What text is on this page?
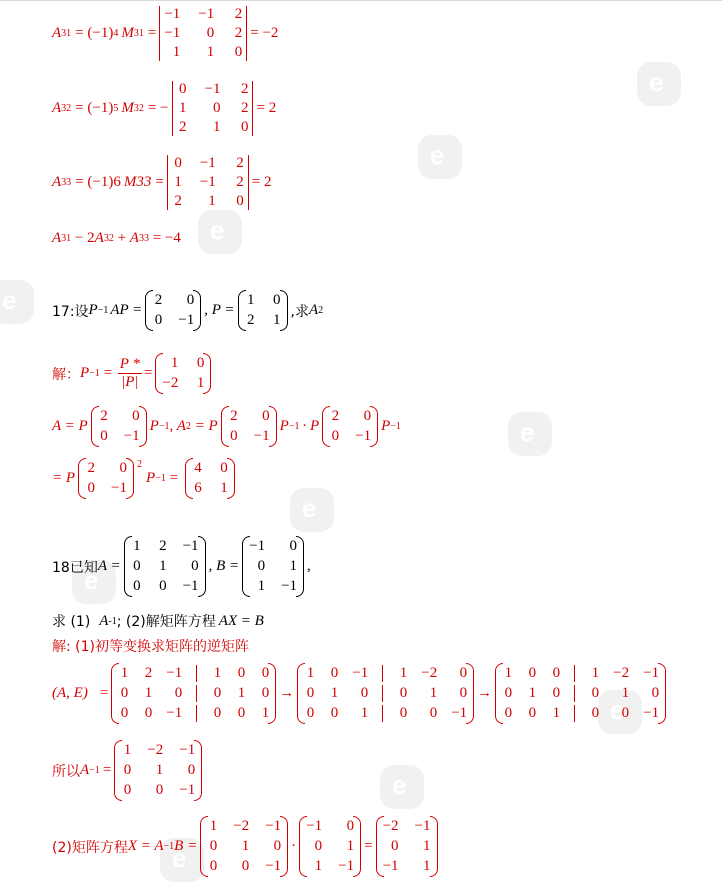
e
e
e
e
e
e
e
e
e
e
A 31 = (−1) 4 M 31 =
−1 −1 2
−1	0 2
1	1 0
= −2
A 32 = (−1) 5 M 32 = −
0 −1 2
1	0 2
2	1 0
= 2
A 33 = (−1)6 M33 =
0 −1 2
1 −1 2
2	1 0
= 2
A 31 − 2 A 32 + A 33 = −4
17:设 P −1 AP =
2	0
0 −1
, P =
1 0
2 1
,求 A 2
解： $P -1 = \frac{P *}{|P|}$ =
1 0
−2 1
A = P
2	0
0 −1
P −1 , A 2 = P
2	0
0 −1
P −1 · P
2	0
0 −1
P −1
= P
2	0
0 −1
2
P −1 =
4 0
6 1
18已知 A =
1 2 −1
0 1	0
0 0 −1
, B =
−1	0
0	1
1 −1
,
求 (1) A -1 ; (2)解矩阵方程 AX = B
解: (1)初等变换求矩阵的逆矩阵
(A, E) =
1 2 −1 1 0 0
0 1	0 0 1 0
0 0 −1 0 0 1
→
1 0 −1 1 −2	0
0 1	0 0	1	0
0 0	1 0	0 −1
→
1 0 0 1 −2 −1
0 1 0 0	1	0
0 0 1 0	0 −1
所以 A −1 =
1 −2 −1
0	1	0
0	0 −1
(2)矩阵方程 X = A −1 B =
1 −2 −1
0	1	0
0	0 −1
·
−1	0
0	1
1 −1
=
−2 −1
0	1
−1	1
